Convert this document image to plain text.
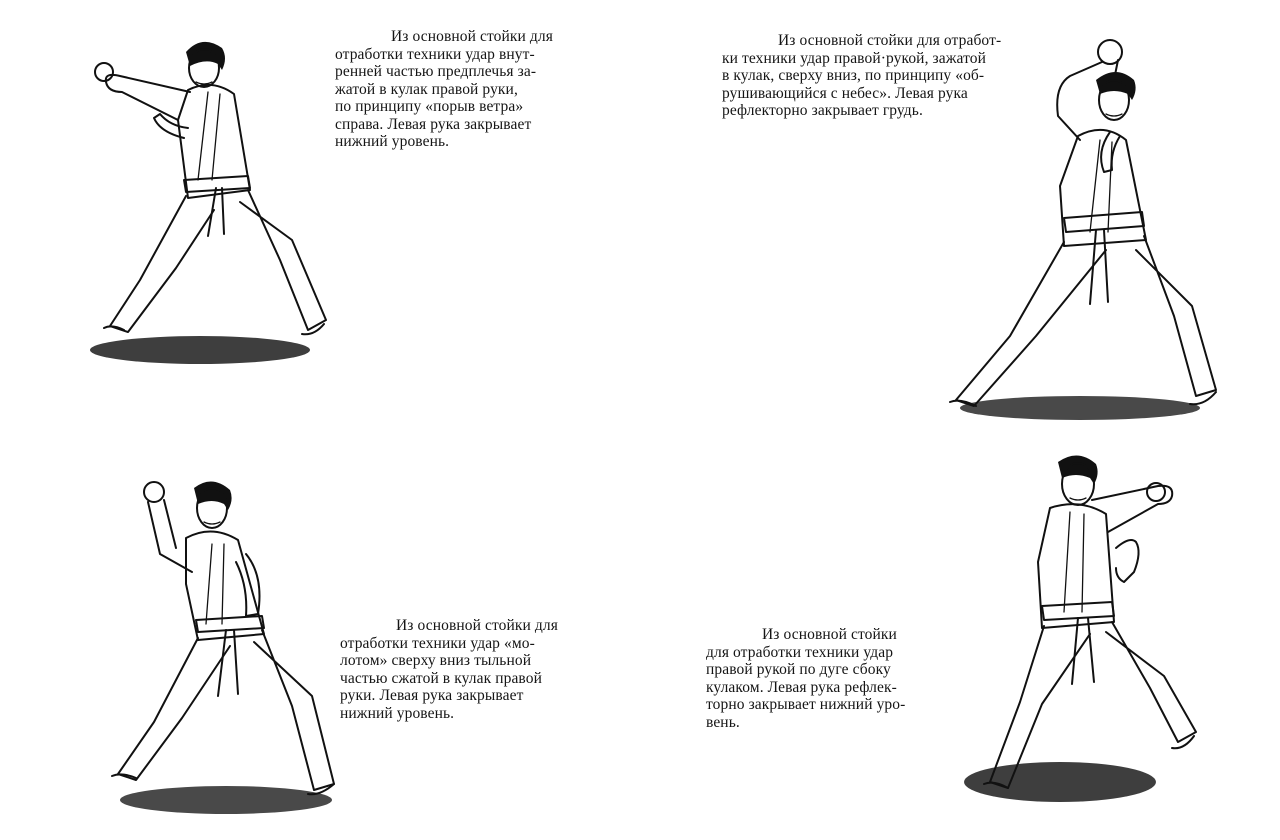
Из основной стойки для
отработки техники удар внут-
ренней частью предплечья за-
жатой в кулак правой руки,
по принципу «порыв ветра»
справа. Левая рука закрывает
нижний уровень.
Из основной стойки для отработ-
ки техники удар правой·рукой, зажатой
в кулак, сверху вниз, по принципу «об-
рушивающийся с небес». Левая рука
рефлекторно закрывает грудь.
Из основной стойки для
отработки техники удар «мо-
лотом» сверху вниз тыльной
частью сжатой в кулак правой
руки. Левая рука закрывает
нижний уровень.
Из основной стойки
для отработки техники удар
правой рукой по дуге сбоку
кулаком. Левая рука рефлек-
торно закрывает нижний уро-
вень.
